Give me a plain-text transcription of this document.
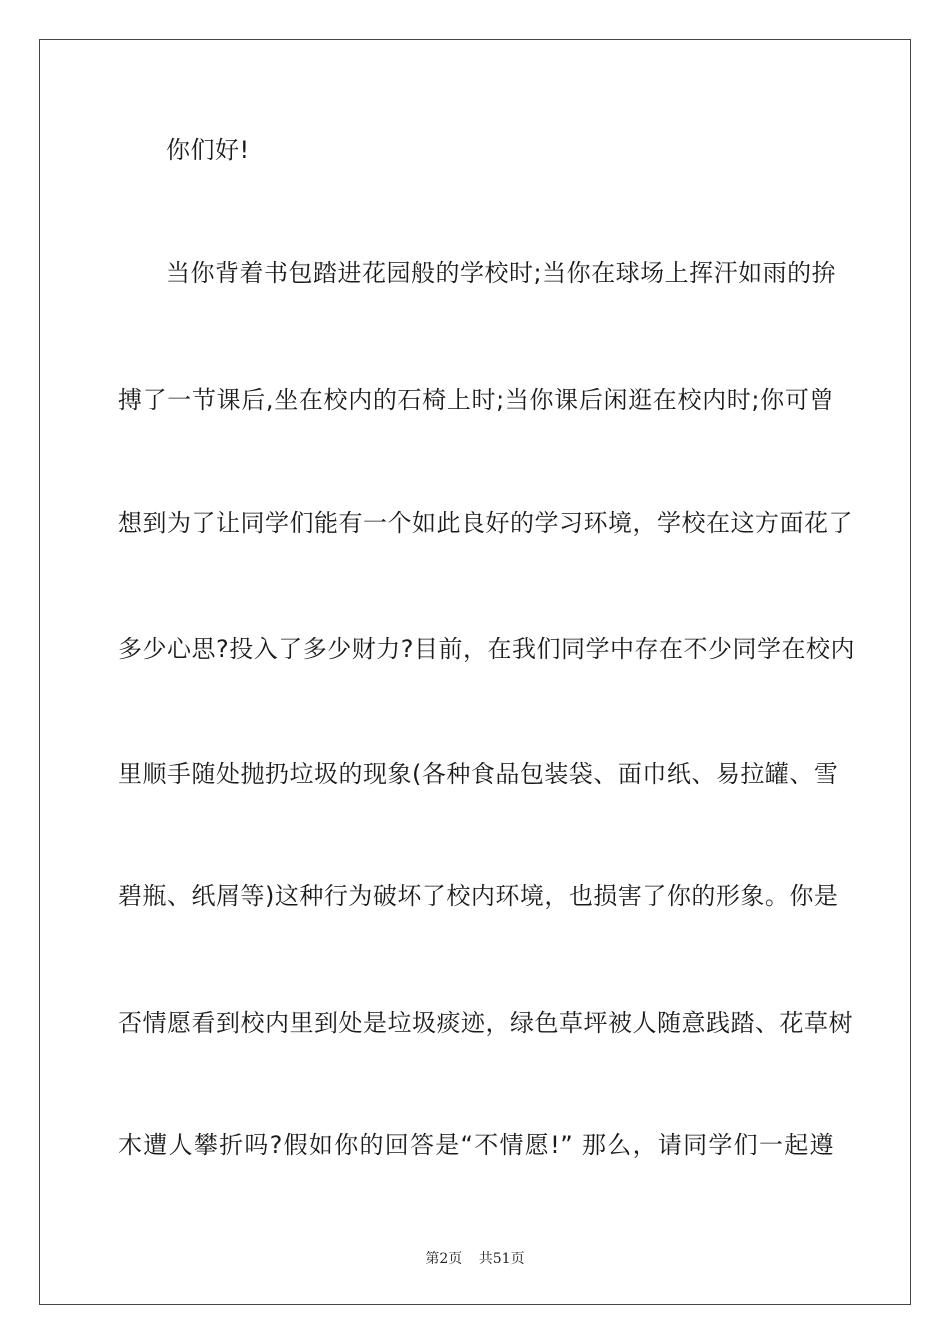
你们好!
当你背着书包踏进花园般的学校时;当你在球场上挥汗如雨的拚
搏了一节课后,坐在校内的石椅上时;当你课后闲逛在校内时;你可曾
想到为了让同学们能有一个如此良好的学习环境，学校在这方面花了
多少心思?投入了多少财力?目前，在我们同学中存在不少同学在校内
里顺手随处抛扔垃圾的现象(各种食品包装袋、面巾纸、易拉罐、雪
碧瓶、纸屑等)这种行为破坏了校内环境，也损害了你的形象。你是
否情愿看到校内里到处是垃圾痰迹，绿色草坪被人随意践踏、花草树
木遭人攀折吗?假如你的回答是“不情愿!” 那么，请同学们一起遵
第2页 共51页
